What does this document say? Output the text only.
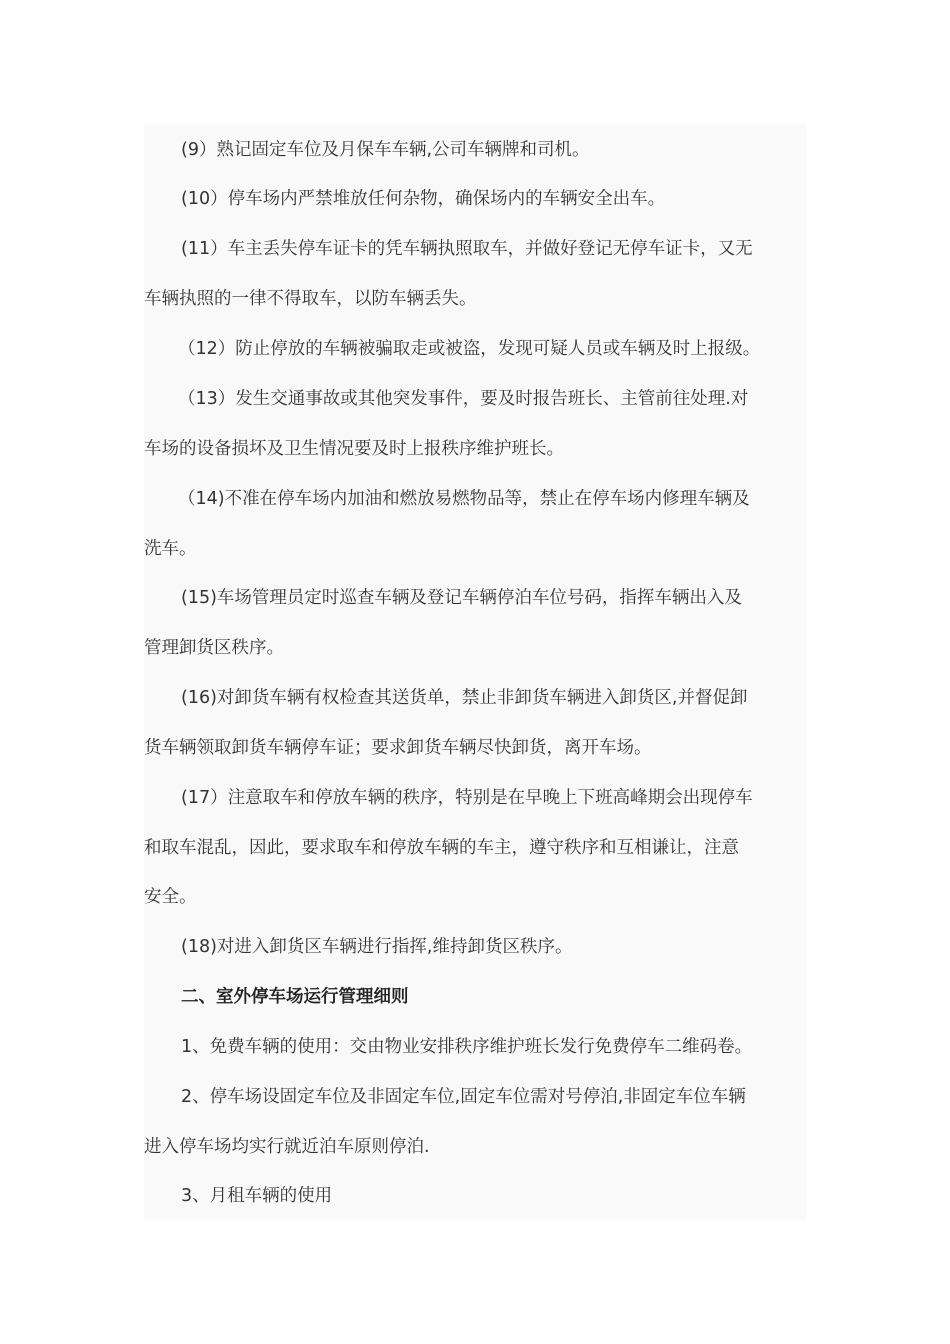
(9）熟记固定车位及月保车车辆,公司车辆牌和司机。
(10）停车场内严禁堆放任何杂物，确保场内的车辆安全出车。
(11）车主丢失停车证卡的凭车辆执照取车，并做好登记无停车证卡，又无
车辆执照的一律不得取车，以防车辆丢失。
（12）防止停放的车辆被骗取走或被盗，发现可疑人员或车辆及时上报级。
（13）发生交通事故或其他突发事件，要及时报告班长、主管前往处理.对
车场的设备损坏及卫生情况要及时上报秩序维护班长。
（14)不准在停车场内加油和燃放易燃物品等，禁止在停车场内修理车辆及
洗车。
(15)车场管理员定时巡查车辆及登记车辆停泊车位号码，指挥车辆出入及
管理卸货区秩序。
(16)对卸货车辆有权检查其送货单，禁止非卸货车辆进入卸货区,并督促卸
货车辆领取卸货车辆停车证；要求卸货车辆尽快卸货，离开车场。
(17）注意取车和停放车辆的秩序，特别是在早晚上下班高峰期会出现停车
和取车混乱，因此，要求取车和停放车辆的车主，遵守秩序和互相谦让，注意
安全。
(18)对进入卸货区车辆进行指挥,维持卸货区秩序。
二、室外停车场运行管理细则
1、免费车辆的使用：交由物业安排秩序维护班长发行免费停车二维码卷。
2、停车场设固定车位及非固定车位,固定车位需对号停泊,非固定车位车辆
进入停车场均实行就近泊车原则停泊.
3、月租车辆的使用
